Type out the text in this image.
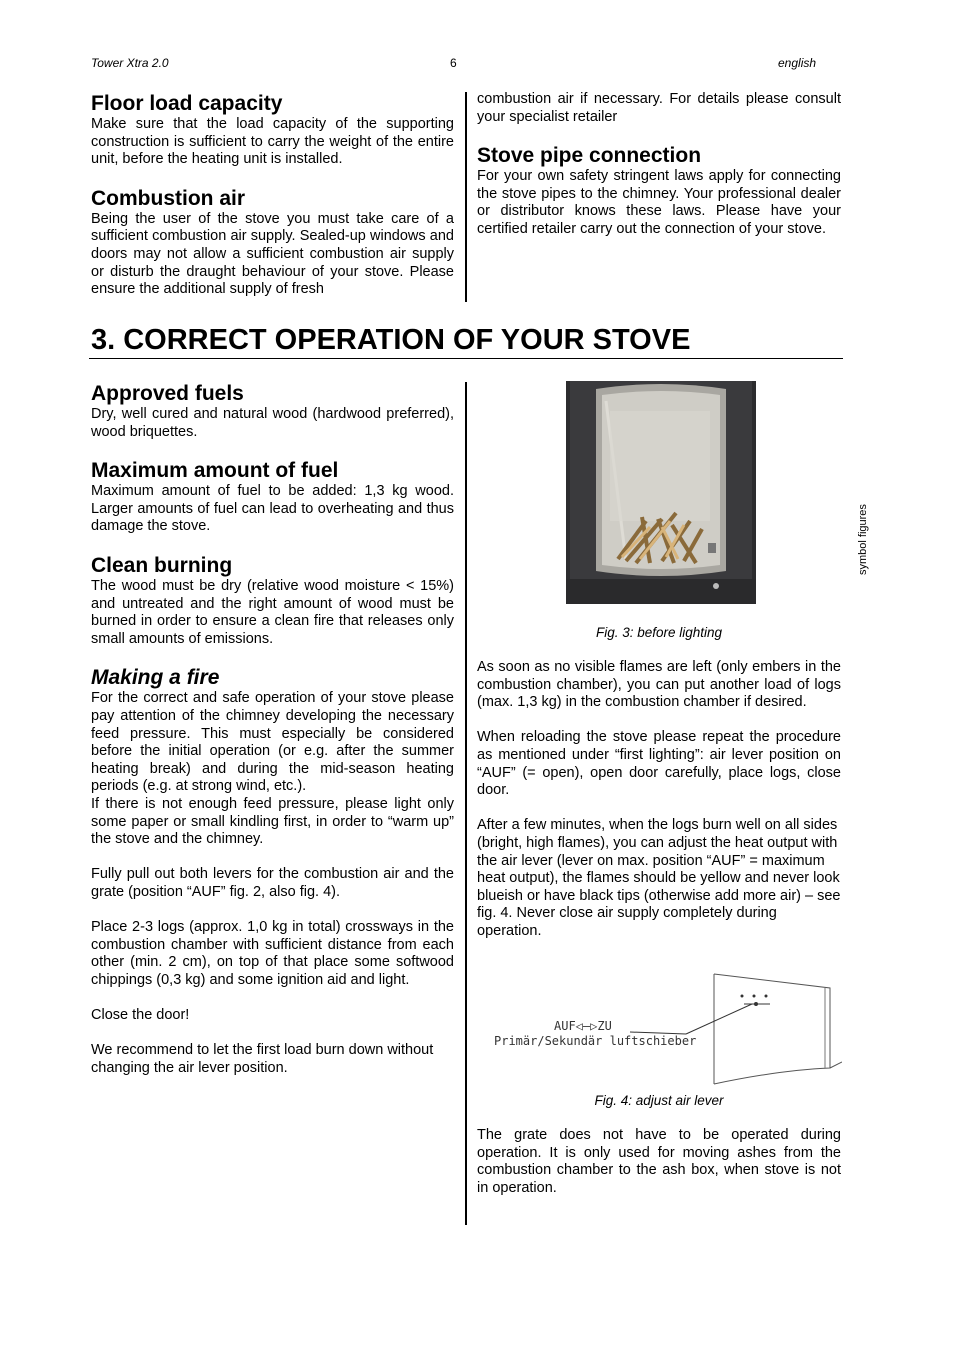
Tower Xtra 2.0	6	english
Floor load capacity

Make sure that the load capacity of the supporting construction is sufficient to carry the weight of the entire unit, before the heating unit is installed.

Combustion air

Being the user of the stove you must take care of a sufficient combustion air supply. Sealed-up windows and doors may not allow a sufficient combustion air supply or disturb the draught behaviour of your stove. Please ensure the additional supply of fresh

combustion air if necessary. For details please consult your specialist retailer

Stove pipe connection

For your own safety stringent laws apply for connecting the stove pipes to the chimney. Your professional dealer or distributor knows these laws. Please have your certified retailer carry out the connection of your stove.

3. CORRECT OPERATION OF YOUR STOVE
Approved fuels

Dry, well cured and natural wood (hardwood preferred), wood briquettes.

Maximum amount of fuel

Maximum amount of fuel to be added: 1,3 kg wood. Larger amounts of fuel can lead to overheating and thus damage the stove.

Clean burning

The wood must be dry (relative wood moisture < 15%) and untreated and the right amount of wood must be burned in order to ensure a clean fire that releases only small amounts of emissions.

Making a fire

For the correct and safe operation of your stove please pay attention of the chimney developing the necessary feed pressure. This must especially be considered before the initial operation (or e.g. after the summer heating break) and during the mid-season heating periods (e.g. at strong wind, etc.).

If there is not enough feed pressure, please light only some paper or small kindling first, in order to “warm up” the stove and the chimney.

Fully pull out both levers for the combustion air and the grate (position “AUF” fig. 2, also fig. 4).

Place 2-3 logs (approx. 1,0 kg in total) crossways in the combustion chamber with sufficient distance from each other (min. 2 cm), on top of that place some softwood chippings (0,3 kg) and some ignition aid and light.

Close the door!

We recommend to let the first load burn down without changing the air lever position.

Fig. 3: before lighting

As soon as no visible flames are left (only embers in the combustion chamber), you can put another load of logs (max. 1,3 kg) in the combustion chamber if desired.

When reloading the stove please repeat the procedure as mentioned under “first lighting”: air lever position on “AUF” (= open), open door carefully, place logs, close door.

After a few minutes, when the logs burn well on all sides (bright, high flames), you can adjust the heat output with the air lever (lever on max. position “AUF” = maximum heat output), the flames should be yellow and never look blueish or have black tips (otherwise add more air) – see fig. 4. Never close air supply completely during operation.

AUF◁—▷ZU
Primär/Sekundär luftschieber
Fig. 4: adjust air lever

The grate does not have to be operated during operation. It is only used for moving ashes from the combustion chamber to the ash box, when stove is not in operation.

symbol figures
